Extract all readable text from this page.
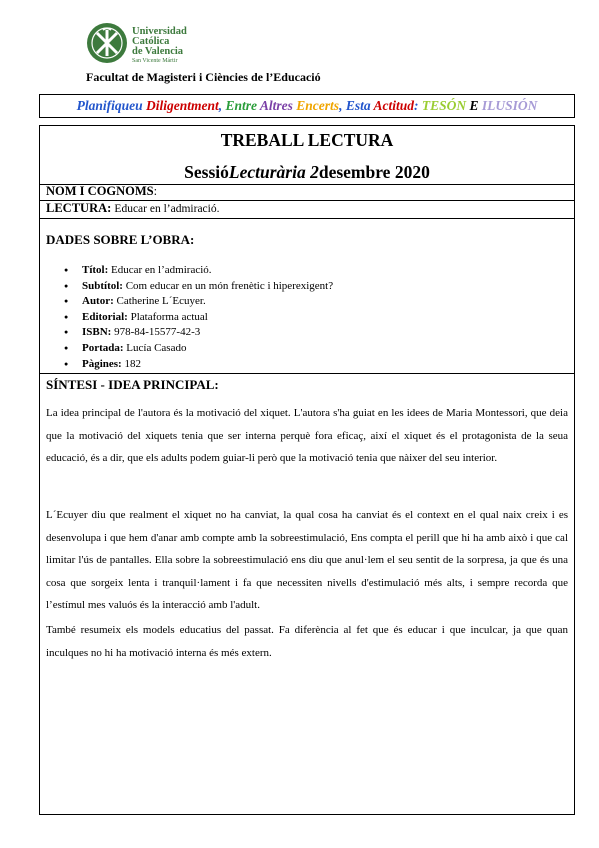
Universidad
Católica
de Valencia
San Vicente Mártir
Facultat de Magisteri i Ciències de l’Educació
Planifiqueu Diligentment, Entre Altres Encerts, Esta Actitud: TESÓN E ILUSIÓN
TREBALL LECTURA
SessióLecturària 2desembre 2020
NOM I COGNOMS:
LECTURA: Educar en l’admiració.
DADES SOBRE L’OBRA:
● Títol: Educar en l’admiració.
● Subtítol: Com educar en un món frenètic i hiperexigent?
● Autor: Catherine L´Ecuyer.
● Editorial: Plataforma actual
● ISBN: 978-84-15577-42-3
● Portada: Lucía Casado
● Pàgines: 182
SÍNTESI - IDEA PRINCIPAL:

La idea principal de l'autora és la motivació del xiquet. L'autora s'ha guiat en les idees de Maria Montessori, que deia que la motivació del xiquets tenia que ser interna perquè fora eficaç, així el xiquet és el protagonista de la seua educació, és a dir, que els adults podem guiar-li però que la motivació tenia que nàixer del seu interior.

L´Ecuyer diu que realment el xiquet no ha canviat, la qual cosa ha canviat és el context en el qual naix creix i es desenvolupa i que hem d'anar amb compte amb la sobreestimulació, Ens compta el perill que hi ha amb això i que cal limitar l'ús de pantalles. Ella sobre la sobreestimulació ens diu que anul·lem el seu sentit de la sorpresa, ja que és una cosa que sorgeix lenta i tranquil·lament i fa que necessiten nivells d'estimulació més alts, i sempre recorda que l’estímul mes valuós és la interacció amb l'adult.

També resumeix els models educatius del passat. Fa diferència al fet que és educar i que inculcar, ja que quan inculques no hi ha motivació interna és més extern.
